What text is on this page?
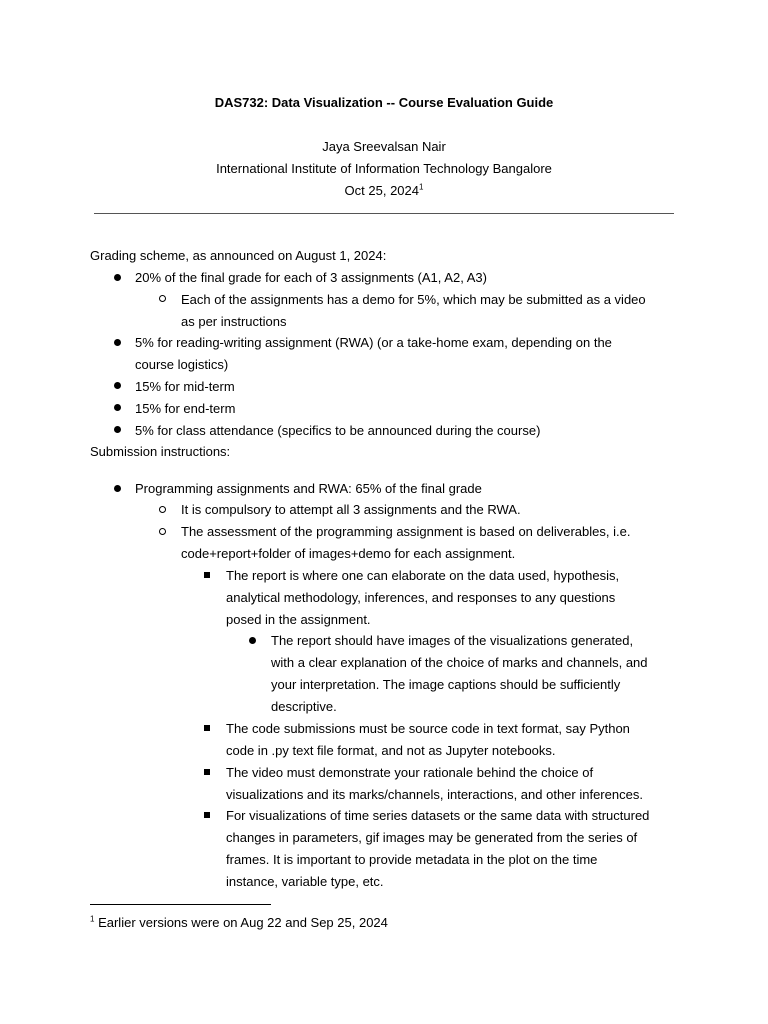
DAS732: Data Visualization -- Course Evaluation Guide
Jaya Sreevalsan Nair
International Institute of Information Technology Bangalore
Oct 25, 2024$^1$
Grading scheme, as announced on August 1, 2024:
20% of the final grade for each of 3 assignments (A1, A2, A3)
Each of the assignments has a demo for 5%, which may be submitted as a video
as per instructions
5% for reading-writing assignment (RWA) (or a take-home exam, depending on the
course logistics)
15% for mid-term
15% for end-term
5% for class attendance (specifics to be announced during the course)
Submission instructions:
Programming assignments and RWA: 65% of the final grade
It is compulsory to attempt all 3 assignments and the RWA.
The assessment of the programming assignment is based on deliverables, i.e.
code+report+folder of images+demo for each assignment.
The report is where one can elaborate on the data used, hypothesis,
analytical methodology, inferences, and responses to any questions
posed in the assignment.
The report should have images of the visualizations generated,
with a clear explanation of the choice of marks and channels, and
your interpretation. The image captions should be sufficiently
descriptive.
The code submissions must be source code in text format, say Python
code in .py text file format, and not as Jupyter notebooks.
The video must demonstrate your rationale behind the choice of
visualizations and its marks/channels, interactions, and other inferences.
For visualizations of time series datasets or the same data with structured
changes in parameters, gif images may be generated from the series of
frames. It is important to provide metadata in the plot on the time
instance, variable type, etc.
$^1$ Earlier versions were on Aug 22 and Sep 25, 2024
